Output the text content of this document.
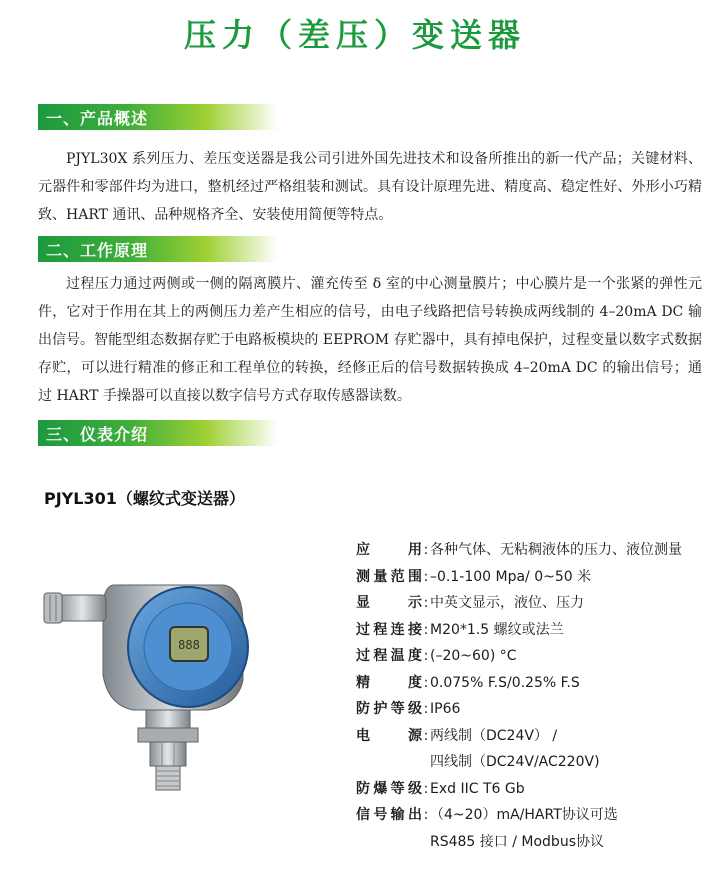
压力（差压）变送器
一、产品概述

PJYL30X 系列压力、差压变送器是我公司引进外国先进技术和设备所推出的新一代产品；关键材料、元器件和零部件均为进口，整机经过严格组装和测试。具有设计原理先进、精度高、稳定性好、外形小巧精致、HART 通讯、品种规格齐全、安装使用简便等特点。

二、工作原理

过程压力通过两侧或一侧的隔离膜片、灌充传至 δ 室的中心测量膜片；中心膜片是一个张紧的弹性元件，它对于作用在其上的两侧压力差产生相应的信号，由电子线路把信号转换成两线制的 4–20mA DC 输出信号。智能型组态数据存贮于电路板模块的 EEPROM 存贮器中，具有掉电保护，过程变量以数字式数据存贮，可以进行精准的修正和工程单位的转换，经修正后的信号数据转换成 4–20mA DC 的输出信号；通过 HART 手操器可以直接以数字信号方式存取传感器读数。

三、仪表介绍
PJYL301（螺纹式变送器）
888
应用 : 各种气体、无粘稠液体的压力、液位测量
测量范围 : –0.1-100 Mpa/ 0~50 米
显示 : 中英文显示，液位、压力
过程连接 : M20*1.5 螺纹或法兰
过程温度 : (–20~60) °C
精度 : 0.075% F.S/0.25% F.S
防护等级 : IP66
电源 : 两线制（DC24V） /
四线制（DC24V/AC220V)
防爆等级 : Exd IIC T6 Gb
信号输出 : （4~20）mA/HART协议可选
RS485 接口 / Modbus协议
